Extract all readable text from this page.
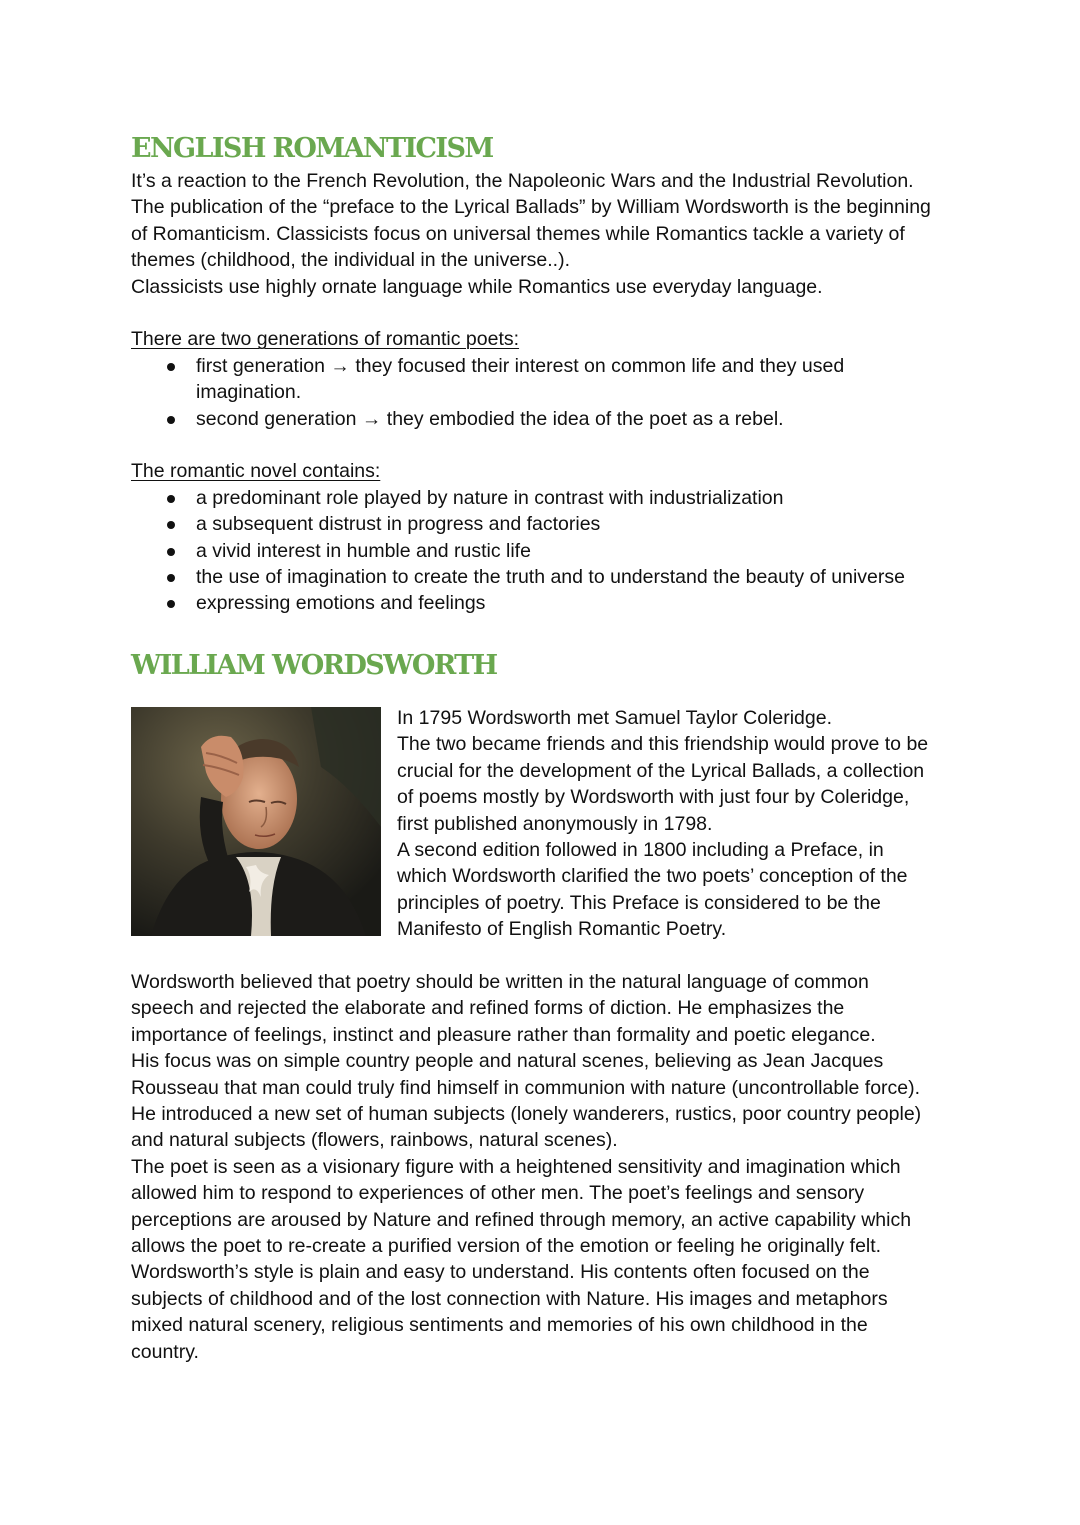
ENGLISH ROMANTICISM

It’s a reaction to the French Revolution, the Napoleonic Wars and the Industrial Revolution.

The publication of the “preface to the Lyrical Ballads” by William Wordsworth is the beginning

of Romanticism. Classicists focus on universal themes while Romantics tackle a variety of

themes (childhood, the individual in the universe..).

Classicists use highly ornate language while Romantics use everyday language.

There are two generations of romantic poets:

first generation → they focused their interest on common life and they used
imagination.
second generation → they embodied the idea of the poet as a rebel.

The romantic novel contains:

a predominant role played by nature in contrast with industrialization
a subsequent distrust in progress and factories
a vivid interest in humble and rustic life
the use of imagination to create the truth and to understand the beauty of universe
expressing emotions and feelings
WILLIAM WORDSWORTH

In 1795 Wordsworth met Samuel Taylor Coleridge.

The two became friends and this friendship would prove to be

crucial for the development of the Lyrical Ballads, a collection

of poems mostly by Wordsworth with just four by Coleridge,

first published anonymously in 1798.

A second edition followed in 1800 including a Preface, in

which Wordsworth clarified the two poets’ conception of the

principles of poetry. This Preface is considered to be the

Manifesto of English Romantic Poetry.

Wordsworth believed that poetry should be written in the natural language of common

speech and rejected the elaborate and refined forms of diction. He emphasizes the

importance of feelings, instinct and pleasure rather than formality and poetic elegance.

His focus was on simple country people and natural scenes, believing as Jean Jacques

Rousseau that man could truly find himself in communion with nature (uncontrollable force).

He introduced a new set of human subjects (lonely wanderers, rustics, poor country people)

and natural subjects (flowers, rainbows, natural scenes).

The poet is seen as a visionary figure with a heightened sensitivity and imagination which

allowed him to respond to experiences of other men. The poet’s feelings and sensory

perceptions are aroused by Nature and refined through memory, an active capability which

allows the poet to re-create a purified version of the emotion or feeling he originally felt.

Wordsworth’s style is plain and easy to understand. His contents often focused on the

subjects of childhood and of the lost connection with Nature. His images and metaphors

mixed natural scenery, religious sentiments and memories of his own childhood in the

country.
